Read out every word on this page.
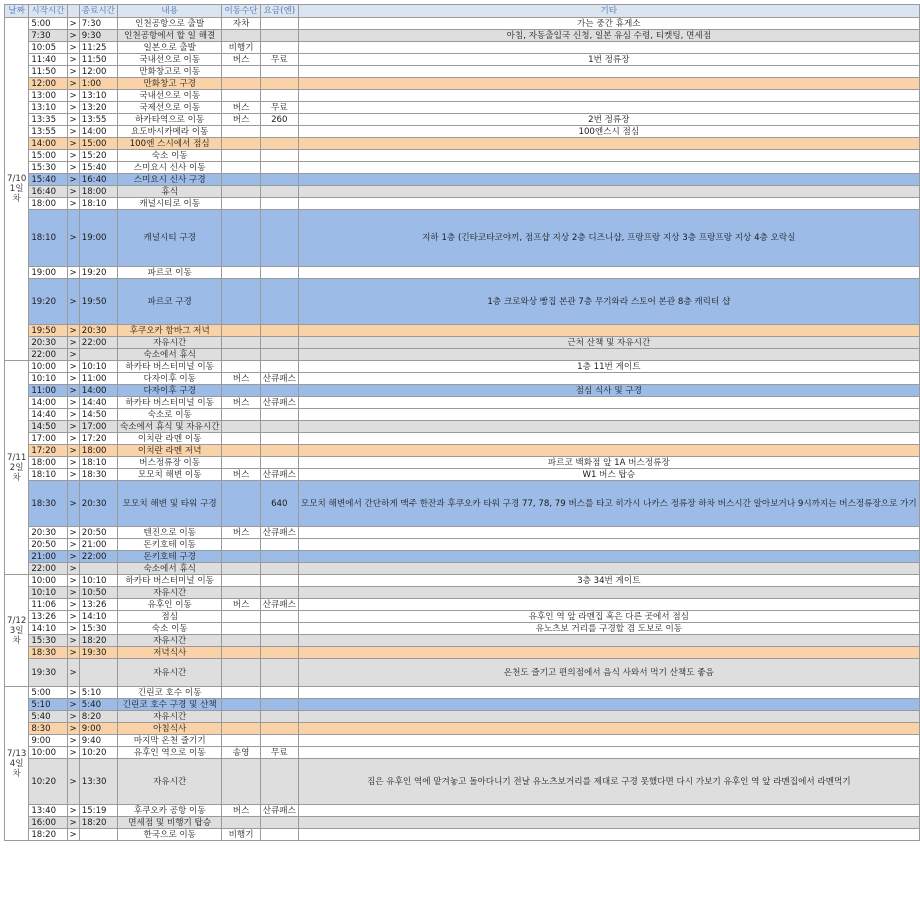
날짜	시작시간		종료시간	내용	이동수단	요금(엔)	기타
7/10
1일차	5:00	>	7:30	인천공항으로 출발	자차		가는 중간 휴게소
	7:30	>	9:30	인천공항에서 할 일 해결			아침, 자동출입국 신청, 일본 유심 수령, 티켓팅, 면세점
	10:05	>	11:25	일본으로 출발	비행기		
	11:40	>	11:50	국내선으로 이동	버스	무료	1번 정류장
	11:50	>	12:00	만화창고로 이동			
	12:00	>	1:00	만화창고 구경			
	13:00	>	13:10	국내선으로 이동			
	13:10	>	13:20	국제선으로 이동	버스	무료	
	13:35	>	13:55	하카타역으로 이동	버스	260	2번 정류장
	13:55	>	14:00	요도바시카메라 이동			100엔스시 점심
	14:00	>	15:00	100엔 스시에서 점심			
	15:00	>	15:20	숙소 이동			
	15:30	>	15:40	스미요시 신사 이동			
	15:40	>	16:40	스미요시 신사 구경			
	16:40	>	18:00	휴식			
	18:00	>	18:10	캐널시티로 이동			
	18:10	>	19:00	캐널시티 구경			지하 1층 (긴타코타코야끼, 점프샵 지상 2층 디즈니샵, 프랑프랑 지상 3층 프랑프랑 지상 4층 오락실
	19:00	>	19:20	파르코 이동			
	19:20	>	19:50	파르코 구경			1층 크로와상 빵집 본관 7층 무기와라 스토어 본관 8층 캐릭터 샵
	19:50	>	20:30	후쿠오카 함바그 저녁			
	20:30	>	22:00	자유시간			근처 산책 및 자유시간
	22:00	>		숙소에서 휴식			
7/11
2일차	10:00	>	10:10	하카타 버스터미널 이동			1층 11번 게이트
	10:10	>	11:00	다자이후 이동	버스	산큐패스	
	11:00	>	14:00	다자이후 구경			점심 식사 및 구경
	14:00	>	14:40	하카타 버스터미널 이동	버스	산큐패스	
	14:40	>	14:50	숙소로 이동			
	14:50	>	17:00	숙소에서 휴식 및 자유시간			
	17:00	>	17:20	이치란 라멘 이동			
	17:20	>	18:00	이치란 라멘 저녁			
	18:00	>	18:10	버스정류장 이동			파르코 백화점 앞 1A 버스정류장
	18:10	>	18:30	모모치 해변 이동	버스	산큐패스	W1 버스 탑승
	18:30	>	20:30	모모치 해변 및 타워 구경		640	모모치 해변에서 간단하게 맥주 한잔과 후쿠오카 타워 구경 77, 78, 79 버스를 타고 히가시 나카스 정류장 하차 버스시간 알아보거나 9시까지는 버스정류장으로 가기
	20:30	>	20:50	텐진으로 이동	버스	산큐패스	
	20:50	>	21:00	돈키호테 이동			
	21:00	>	22:00	돈키호테 구경			
	22:00	>		숙소에서 휴식			
7/12
3일차	10:00	>	10:10	하카타 버스터미널 이동			3층 34번 게이트
	10:10	>	10:50	자유시간			
	11:06	>	13:26	유후인 이동	버스	산큐패스	
	13:26	>	14:10	점심			유후인 역 앞 라멘집 혹은 다른 곳에서 점심
	14:10	>	15:30	숙소 이동			유노츠보 거리를 구경할 겸 도보로 이동
	15:30	>	18:20	자유시간			
	18:30	>	19:30	저녁식사			
	19:30	>		자유시간			온천도 즐기고 편의점에서 음식 사와서 먹기 산책도 좋음
7/13
4일차	5:00	>	5:10	긴린코 호수 이동			
	5:10	>	5:40	긴린코 호수 구경 및 산책			
	5:40	>	8:20	자유시간			
	8:30	>	9:00	아침식사			
	9:00	>	9:40	마지막 온천 즐기기			
	10:00	>	10:20	유후인 역으로 이동	송영	무료	
	10:20	>	13:30	자유시간			짐은 유후인 역에 맡겨놓고 돌아다니기 전날 유노츠보거리를 제대로 구경 못했다면 다시 가보기 유후인 역 앞 라멘집에서 라멘먹기
	13:40	>	15:19	후쿠오카 공항 이동	버스	산큐패스	
	16:00	>	18:20	면세점 및 비행기 탑승			
	18:20	>		한국으로 이동	비행기		
